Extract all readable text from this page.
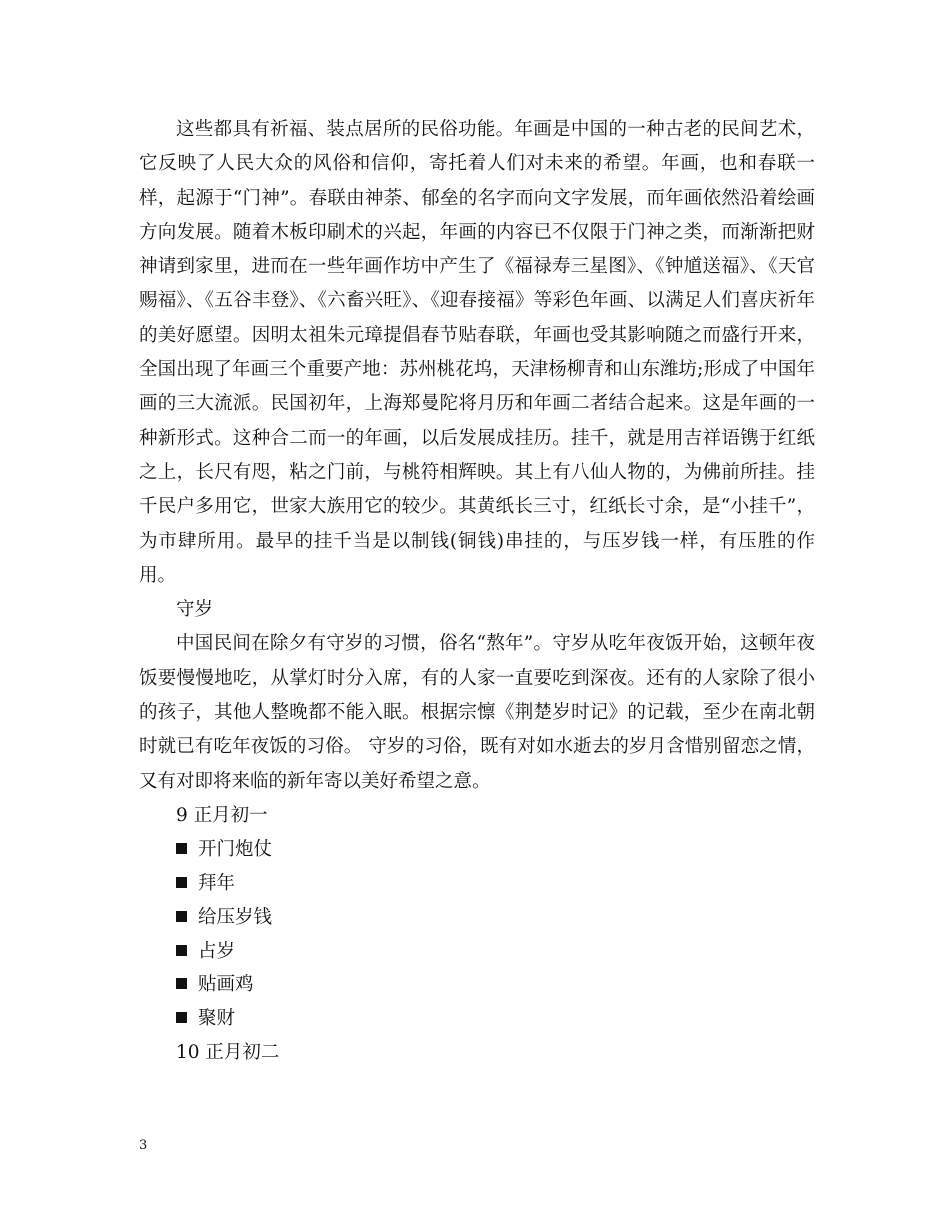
这些都具有祈福、装点居所的民俗功能。年画是中国的一种古老的民间艺术，它反映了人民大众的风俗和信仰，寄托着人们对未来的希望。年画，也和春联一样，起源于“门神”。春联由神荼、郁垒的名字而向文字发展，而年画依然沿着绘画方向发展。随着木板印刷术的兴起，年画的内容已不仅限于门神之类，而渐渐把财神请到家里，进而在一些年画作坊中产生了《福禄寿三星图》、《钟馗送福》、《天官赐福》、《五谷丰登》、《六畜兴旺》、《迎春接福》等彩色年画、以满足人们喜庆祈年的美好愿望。因明太祖朱元璋提倡春节贴春联，年画也受其影响随之而盛行开来，全国出现了年画三个重要产地：苏州桃花坞，天津杨柳青和山东潍坊;形成了中国年画的三大流派。民国初年，上海郑曼陀将月历和年画二者结合起来。这是年画的一种新形式。这种合二而一的年画，以后发展成挂历。挂千，就是用吉祥语镌于红纸之上，长尺有咫，粘之门前，与桃符相辉映。其上有八仙人物的，为佛前所挂。挂千民户多用它，世家大族用它的较少。其黄纸长三寸，红纸长寸余，是“小挂千”，为市肆所用。最早的挂千当是以制钱(铜钱)串挂的，与压岁钱一样，有压胜的作用。

守岁

中国民间在除夕有守岁的习惯，俗名“熬年”。守岁从吃年夜饭开始，这顿年夜饭要慢慢地吃，从掌灯时分入席，有的人家一直要吃到深夜。还有的人家除了很小的孩子，其他人整晚都不能入眠。根据宗懔《荆楚岁时记》的记载，至少在南北朝时就已有吃年夜饭的习俗。 守岁的习俗，既有对如水逝去的岁月含惜别留恋之情，又有对即将来临的新年寄以美好希望之意。

9 正月初一

开门炮仗
拜年
给压岁钱
占岁
贴画鸡
聚财

10 正月初二

3
